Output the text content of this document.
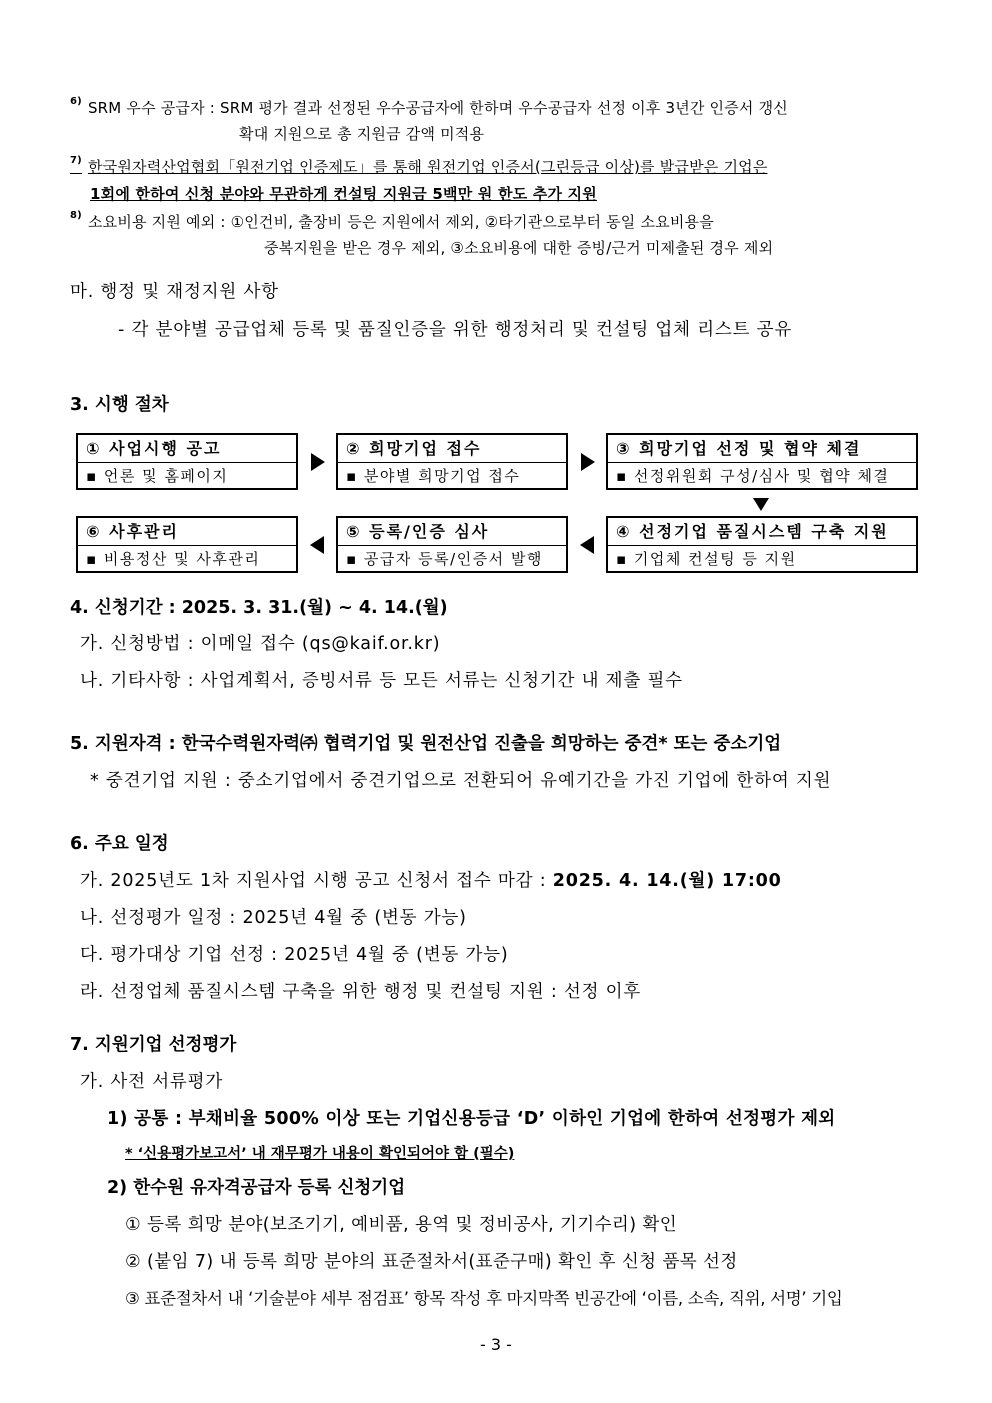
$^{6)}$ SRM 우수 공급자 : SRM 평가 결과 선정된 우수공급자에 한하며 우수공급자 선정 이후 3년간 인증서 갱신
확대 지원으로 총 지원금 감액 미적용
$^{7)}$ 한국원자력산업협회「원전기업 인증제도」를 통해 원전기업 인증서(그린등급 이상)를 발급받은 기업은
1회에 한하여 신청 분야와 무관하게 컨설팅 지원금 5백만 원 한도 추가 지원
$^{8)}$ 소요비용 지원 예외 : ①인건비, 출장비 등은 지원에서 제외, ②타기관으로부터 동일 소요비용을
중복지원을 받은 경우 제외, ③소요비용에 대한 증빙/근거 미제출된 경우 제외
마. 행정 및 재정지원 사항
- 각 분야별 공급업체 등록 및 품질인증을 위한 행정처리 및 컨설팅 업체 리스트 공유
3. 시행 절차
① 사업시행 공고
▪ 언론 및 홈페이지
② 희망기업 접수
▪ 분야별 희망기업 접수
③ 희망기업 선정 및 협약 체결
▪ 선정위원회 구성/심사 및 협약 체결
④ 선정기업 품질시스템 구축 지원
▪ 기업체 컨설팅 등 지원
⑤ 등록/인증 심사
▪ 공급자 등록/인증서 발행
⑥ 사후관리
▪ 비용정산 및 사후관리
4. 신청기간 : 2025. 3. 31.(월) ~ 4. 14.(월)
가. 신청방법 : 이메일 접수 (qs@kaif.or.kr)
나. 기타사항 : 사업계획서, 증빙서류 등 모든 서류는 신청기간 내 제출 필수
5. 지원자격 : 한국수력원자력㈜ 협력기업 및 원전산업 진출을 희망하는 중견* 또는 중소기업
* 중견기업 지원 : 중소기업에서 중견기업으로 전환되어 유예기간을 가진 기업에 한하여 지원
6. 주요 일정
가. 2025년도 1차 지원사업 시행 공고 신청서 접수 마감 : 2025. 4. 14.(월) 17:00
나. 선정평가 일정 : 2025년 4월 중 (변동 가능)
다. 평가대상 기업 선정 : 2025년 4월 중 (변동 가능)
라. 선정업체 품질시스템 구축을 위한 행정 및 컨설팅 지원 : 선정 이후
7. 지원기업 선정평가
가. 사전 서류평가
1) 공통 : 부채비율 500% 이상 또는 기업신용등급 ‘D’ 이하인 기업에 한하여 선정평가 제외
* ‘신용평가보고서’ 내 재무평가 내용이 확인되어야 함 (필수)
2) 한수원 유자격공급자 등록 신청기업
① 등록 희망 분야(보조기기, 예비품, 용역 및 정비공사, 기기수리) 확인
② (붙임 7) 내 등록 희망 분야의 표준절차서(표준구매) 확인 후 신청 품목 선정
③ 표준절차서 내 ‘기술분야 세부 점검표’ 항목 작성 후 마지막쪽 빈공간에 ‘이름, 소속, 직위, 서명’ 기입
- 3 -
